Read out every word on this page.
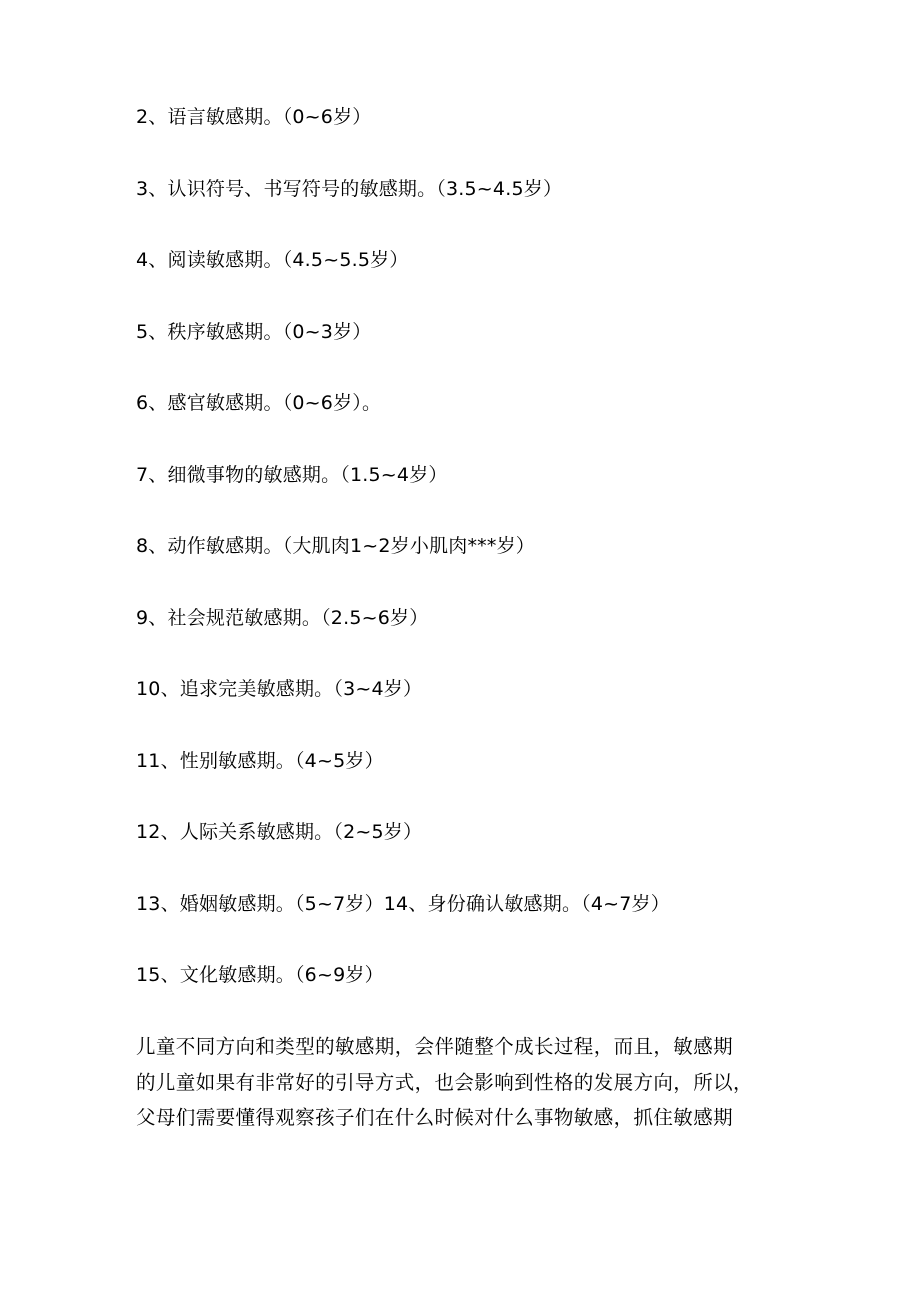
2、语言敏感期。（0~6岁）
3、认识符号、书写符号的敏感期。（3.5~4.5岁）
4、阅读敏感期。（4.5~5.5岁）
5、秩序敏感期。（0~3岁）
6、感官敏感期。（0~6岁）。
7、细微事物的敏感期。（1.5~4岁）
8、动作敏感期。（大肌肉1~2岁小肌肉***岁）
9、社会规范敏感期。（2.5~6岁）
10、追求完美敏感期。（3~4岁）
11、性别敏感期。（4~5岁）
12、人际关系敏感期。（2~5岁）
13、婚姻敏感期。（5~7岁）14、身份确认敏感期。（4~7岁）
15、文化敏感期。（6~9岁）

儿童不同方向和类型的敏感期，会伴随整个成长过程，而且，敏感期

的儿童如果有非常好的引导方式，也会影响到性格的发展方向，所以，

父母们需要懂得观察孩子们在什么时候对什么事物敏感，抓住敏感期
